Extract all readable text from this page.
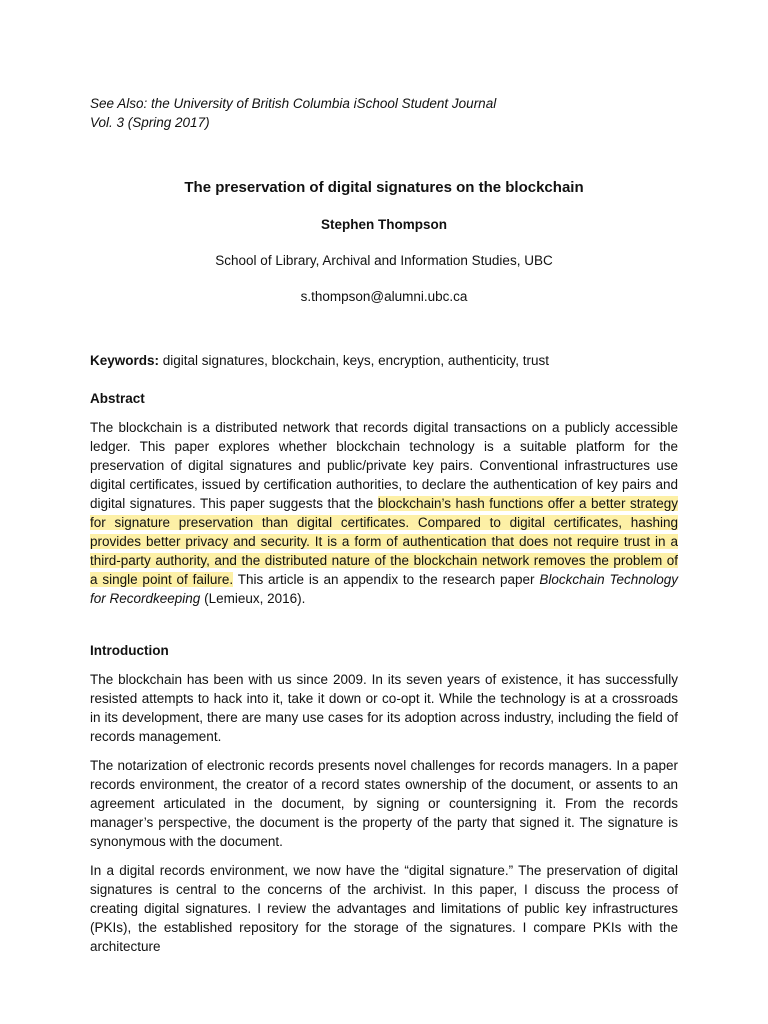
See Also: the University of British Columbia iSchool Student Journal
Vol. 3 (Spring 2017)

The preservation of digital signatures on the blockchain
Stephen Thompson
School of Library, Archival and Information Studies, UBC
s.thompson@alumni.ubc.ca
Keywords: digital signatures, blockchain, keys, encryption, authenticity, trust
Abstract

The blockchain is a distributed network that records digital transactions on a publicly accessible ledger. This paper explores whether blockchain technology is a suitable platform for the preservation of digital signatures and public/private key pairs. Conventional infrastructures use digital certificates, issued by certification authorities, to declare the authentication of key pairs and digital signatures. This paper suggests that the blockchain’s hash functions offer a better strategy for signature preservation than digital certificates. Compared to digital certificates, hashing provides better privacy and security. It is a form of authentication that does not require trust in a third-party authority, and the distributed nature of the blockchain network removes the problem of a single point of failure. This article is an appendix to the research paper Blockchain Technology for Recordkeeping (Lemieux, 2016).

Introduction

The blockchain has been with us since 2009. In its seven years of existence, it has successfully resisted attempts to hack into it, take it down or co-opt it. While the technology is at a crossroads in its development, there are many use cases for its adoption across industry, including the field of records management.

The notarization of electronic records presents novel challenges for records managers. In a paper records environment, the creator of a record states ownership of the document, or assents to an agreement articulated in the document, by signing or countersigning it. From the records manager’s perspective, the document is the property of the party that signed it. The signature is synonymous with the document.

In a digital records environment, we now have the “digital signature.” The preservation of digital signatures is central to the concerns of the archivist. In this paper, I discuss the process of creating digital signatures. I review the advantages and limitations of public key infrastructures (PKIs), the established repository for the storage of the signatures. I compare PKIs with the architecture
